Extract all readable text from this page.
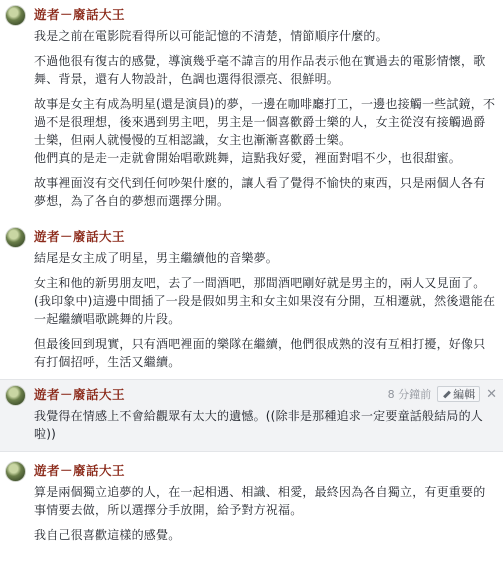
遊者－廢話大王
我是之前在電影院看得所以可能記憶的不清楚，情節順序什麼的。
不過他很有復古的感覺，導演幾乎毫不諱言的用作品表示他在實過去的電影情懷，歌舞、背景，還有人物設計，色調也選得很漂亮、很鮮明。
故事是女主有成為明星(還是演員)的夢，一邊在咖啡廳打工，一邊也接觸一些試鏡，不過不是很理想，後來遇到男主吧，男主是一個喜歡爵士樂的人，女主從沒有接觸過爵士樂，但兩人就慢慢的互相認識，女主也漸漸喜歡爵士樂。
他們真的是走一走就會開始唱歌跳舞，這點我好愛，裡面對唱不少，也很甜蜜。
故事裡面沒有交代到任何吵架什麼的，讓人看了覺得不愉快的東西，只是兩個人各有夢想，為了各自的夢想而選擇分開。
遊者－廢話大王
結尾是女主成了明星，男主繼續他的音樂夢。
女主和他的新男朋友吧，去了一間酒吧，那間酒吧剛好就是男主的，兩人又見面了。
(我印象中)這邊中間插了一段是假如男主和女主如果沒有分開，互相遷就，然後還能在一起繼續唱歌跳舞的片段。
但最後回到現實，只有酒吧裡面的樂隊在繼續，他們很成熟的沒有互相打擾，好像只有打個招呼，生活又繼續。
遊者－廢話大王	8 分鐘前 編輯 ✕
我覺得在情感上不會給觀眾有太大的遺憾。((除非是那種追求一定要童話般結局的人啦))
遊者－廢話大王
算是兩個獨立追夢的人，在一起相遇、相識、相愛，最終因為各自獨立，有更重要的事情要去做，所以選擇分手放開，給予對方祝福。
我自己很喜歡這樣的感覺。
